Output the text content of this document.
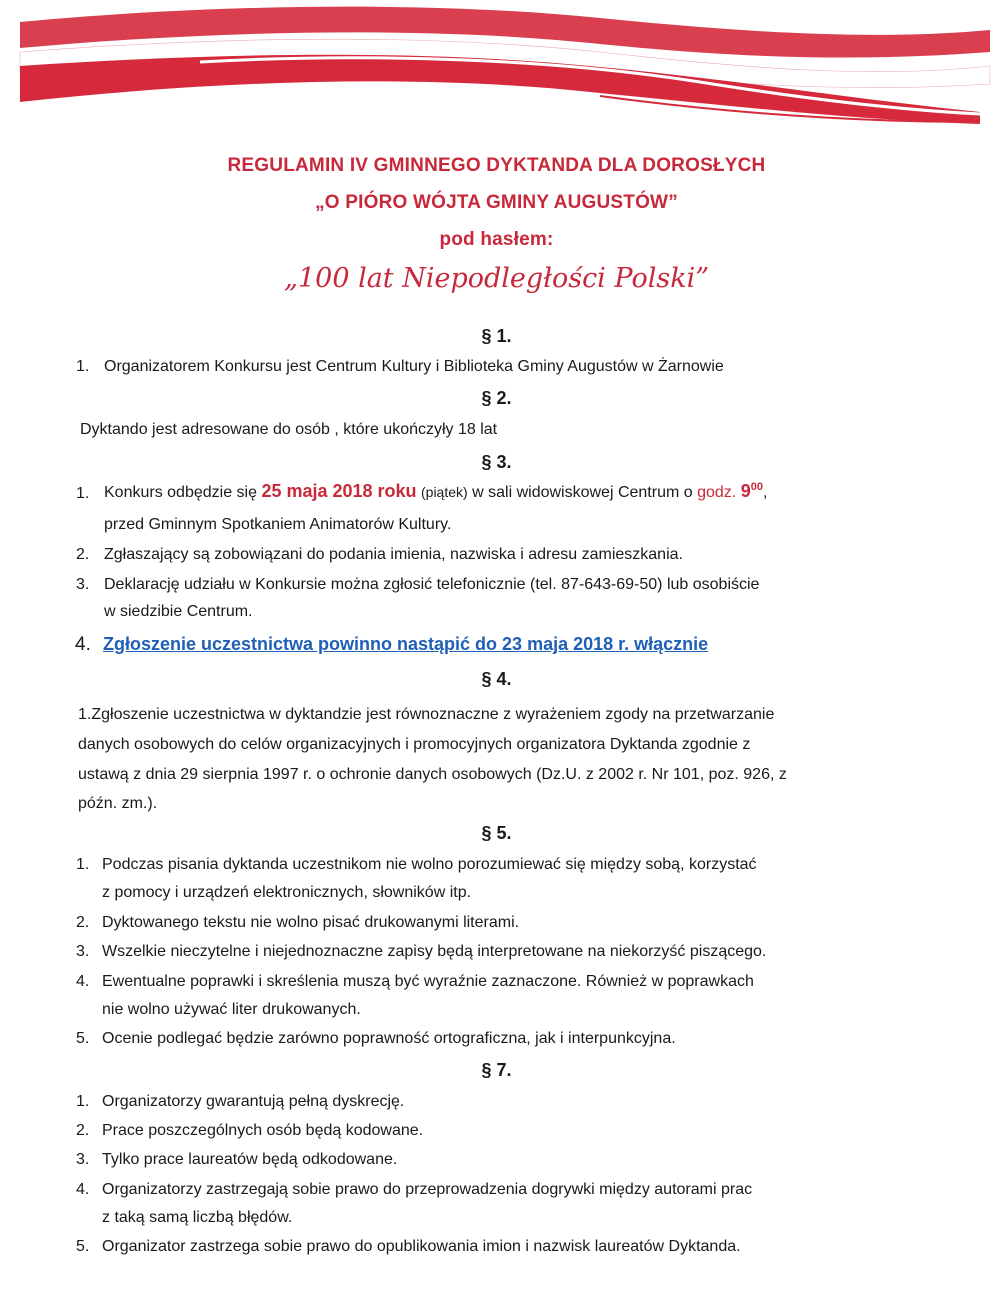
REGULAMIN IV GMINNEGO DYKTANDA DLA DOROSŁYCH
„O PIÓRO WÓJTA GMINY AUGUSTÓW”
pod hasłem:
„100 lat Niepodległości Polski”
§ 1.
1. Organizatorem Konkursu jest Centrum Kultury i Biblioteka Gminy Augustów w Żarnowie
§ 2.
Dyktando jest adresowane do osób , które ukończyły 18 lat
§ 3.
1. Konkurs odbędzie się 25 maja 2018 roku (piątek) w sali widowiskowej Centrum o godz. $9^{00}$,
przed Gminnym Spotkaniem Animatorów Kultury.
2. Zgłaszający są zobowiązani do podania imienia, nazwiska i adresu zamieszkania.
3. Deklarację udziału w Konkursie można zgłosić telefonicznie (tel. 87-643-69-50) lub osobiście
w siedzibie Centrum.
4. Zgłoszenie uczestnictwa powinno nastąpić do 23 maja 2018 r. włącznie
§ 4.
1.Zgłoszenie uczestnictwa w dyktandzie jest równoznaczne z wyrażeniem zgody na przetwarzanie
danych osobowych do celów organizacyjnych i promocyjnych organizatora Dyktanda zgodnie z
ustawą z dnia 29 sierpnia 1997 r. o ochronie danych osobowych (Dz.U. z 2002 r. Nr 101, poz. 926, z
późn. zm.).
§ 5.
1. Podczas pisania dyktanda uczestnikom nie wolno porozumiewać się między sobą, korzystać
z pomocy i urządzeń elektronicznych, słowników itp.
2. Dyktowanego tekstu nie wolno pisać drukowanymi literami.
3. Wszelkie nieczytelne i niejednoznaczne zapisy będą interpretowane na niekorzyść piszącego.
4. Ewentualne poprawki i skreślenia muszą być wyraźnie zaznaczone. Również w poprawkach
nie wolno używać liter drukowanych.
5. Ocenie podlegać będzie zarówno poprawność ortograficzna, jak i interpunkcyjna.
§ 7.
1. Organizatorzy gwarantują pełną dyskrecję.
2. Prace poszczególnych osób będą kodowane.
3. Tylko prace laureatów będą odkodowane.
4. Organizatorzy zastrzegają sobie prawo do przeprowadzenia dogrywki między autorami prac
z taką samą liczbą błędów.
5. Organizator zastrzega sobie prawo do opublikowania imion i nazwisk laureatów Dyktanda.
